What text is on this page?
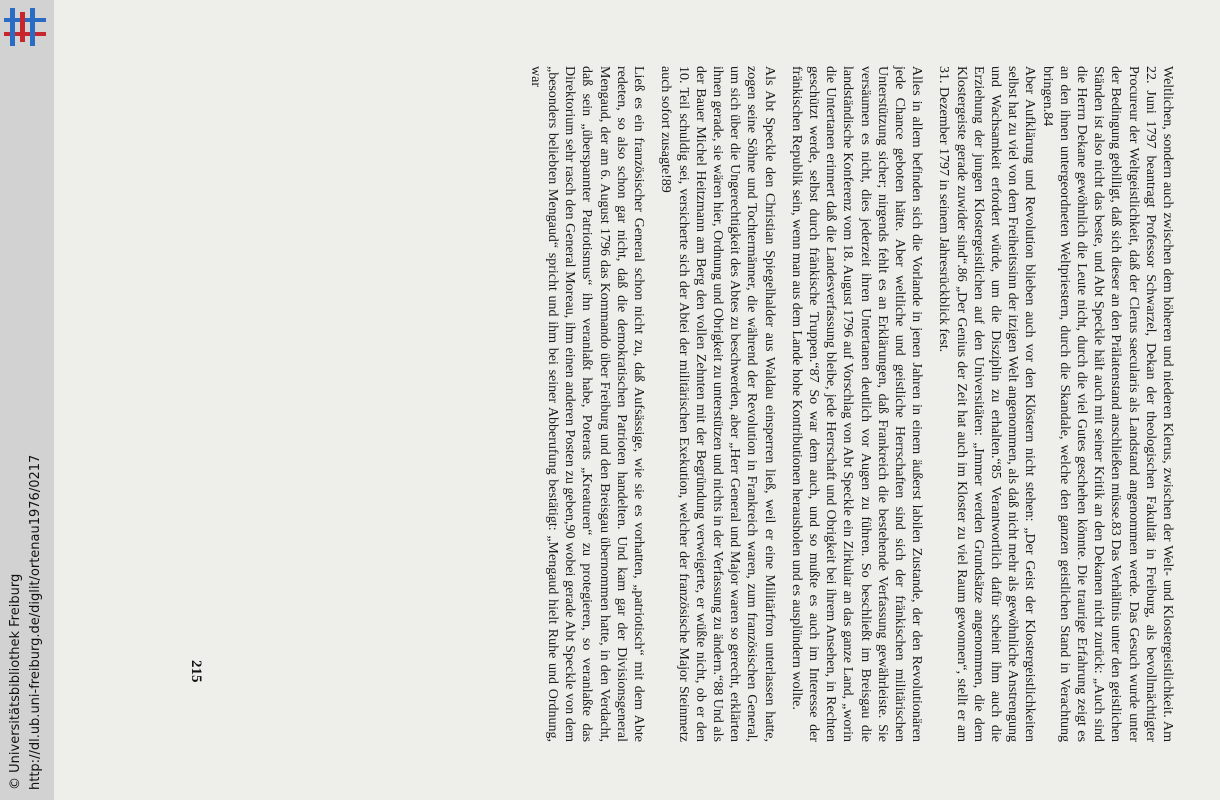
http://dl.ub.uni-freiburg.de/diglit/ortenau1976/0217
© Universitätsbibliothek Freiburg	Weltlichen, sondern auch zwischen dem höheren und niederen Klerus, zwischen der Welt- und Klostergeistlichkeit. Am 22. Juni 1797 beantragt Professor Schwarzel, Dekan der theologischen Fakultät in Freiburg, als bevollmächtigter Procureur der Weltgeistlichkeit, daß der Clerus saecularis als Landstand angenommen werde. Das Gesuch wurde unter der Bedingung gebilligt, daß sich dieser an den Prälatenstand anschließen müsse.83 Das Verhältnis unter den geistlichen Ständen ist also nicht das beste, und Abt Speckle hält auch mit seiner Kritik an den Dekanen nicht zurück: „Auch sind die Herrn Dekane gewöhnlich die Leute nicht, durch die viel Gutes geschehen könnte. Die traurige Erfahrung zeigt es an den ihnen untergeordneten Weltpriestern, durch die Skandale, welche den ganzen geistlichen Stand in Verachtung bringen.84

Aber Aufklärung und Revolution blieben auch vor den Klöstern nicht stehen: „Der Geist der Klostergeistlichkeiten selbst hat zu viel von dem Freiheitssinn der itzigen Welt angenommen, als daß nicht mehr als gewöhnliche Anstrengung und Wachsamkeit erfordert würde, um die Disziplin zu erhalten.“85 Verantwortlich dafür scheint ihm auch die Erziehung der jungen Klostergeistlichen auf den Universitäten: „Immer werden Grundsätze angenommen, die dem Klostergeiste gerade zuwider sind“.86 „Der Genius der Zeit hat auch im Kloster zu viel Raum gewonnen“, stellt er am 31. Dezember 1797 in seinem Jahresrückblick fest.

Alles in allem befinden sich die Vorlande in jenen Jahren in einem äußerst labilen Zustande, der den Revolutionären jede Chance geboten hätte. Aber weltliche und geistliche Herrschaften sind sich der fränkischen militärischen Unterstützung sicher; nirgends fehlt es an Erklärungen, daß Frankreich die bestehende Verfassung gewährleiste. Sie versäumen es nicht, dies jederzeit ihren Untertanen deutlich vor Augen zu führen. So beschließt im Breisgau die landständische Konferenz vom 18. August 1796 auf Vorschlag von Abt Speckle ein Zirkular an das ganze Land, „worin die Untertanen erinnert daß die Landesverfassung bleibe, jede Herrschaft und Obrigkeit bei ihrem Ansehen, in Rechten geschützt werde, selbst durch fränkische Truppen.“87 So war dem auch, und so mußte es auch im Interesse der fränkischen Republik sein, wenn man aus dem Lande hohe Kontributionen herausholen und es ausplündern wollte.

Als Abt Speckle den Christian Spiegelhalder aus Waldau einsperren ließ, weil er eine Militärfron unterlassen hatte, zogen seine Söhne und Tochtermänner, die während der Revolution in Frankreich waren, zum französischen General, um sich über die Ungerechtigkeit des Abtes zu beschwerden, aber „Herr General und Major waren so gerecht, erklärten ihnen gerade, sie wären hier, Ordnung und Obrigkeit zu unterstützen und nichts in der Verfassung zu ändern.“88 Und als der Bauer Michel Heitzmann am Berg den vollen Zehnten mit der Begründung verweigerte, er wüßte nicht, ob er den 10. Teil schuldig sei, versicherte sich der Abtei der militärischen Exekution, welcher der französische Major Steinmetz auch sofort zusagte!89

Ließ es ein französischer General schon nicht zu, daß Aufsässige, wie sie es vorhatten, „patriotisch“ mit dem Abte redeten, so also schon gar nicht, daß die demokratischen Patrioten handelten. Und kam gar der Divisionsgeneral Mengaud, der am 6. August 1796 das Kommando über Freiburg und den Breisgau übernommen hatte, in den Verdacht, daß sein „überspannter Patriotismus“ ihn veranlaßt habe, Poterats „Kreaturen“ zu protegieren, so veranlaßte das Direktorium sehr rasch den General Moreau, ihm einen anderen Posten zu geben,90 wobei gerade Abt Speckle von dem „besonders beliebten Mengaud“ spricht und ihm bei seiner Abberufung bestätigt: „Mengaud hielt Ruhe und Ordnung, war

215
